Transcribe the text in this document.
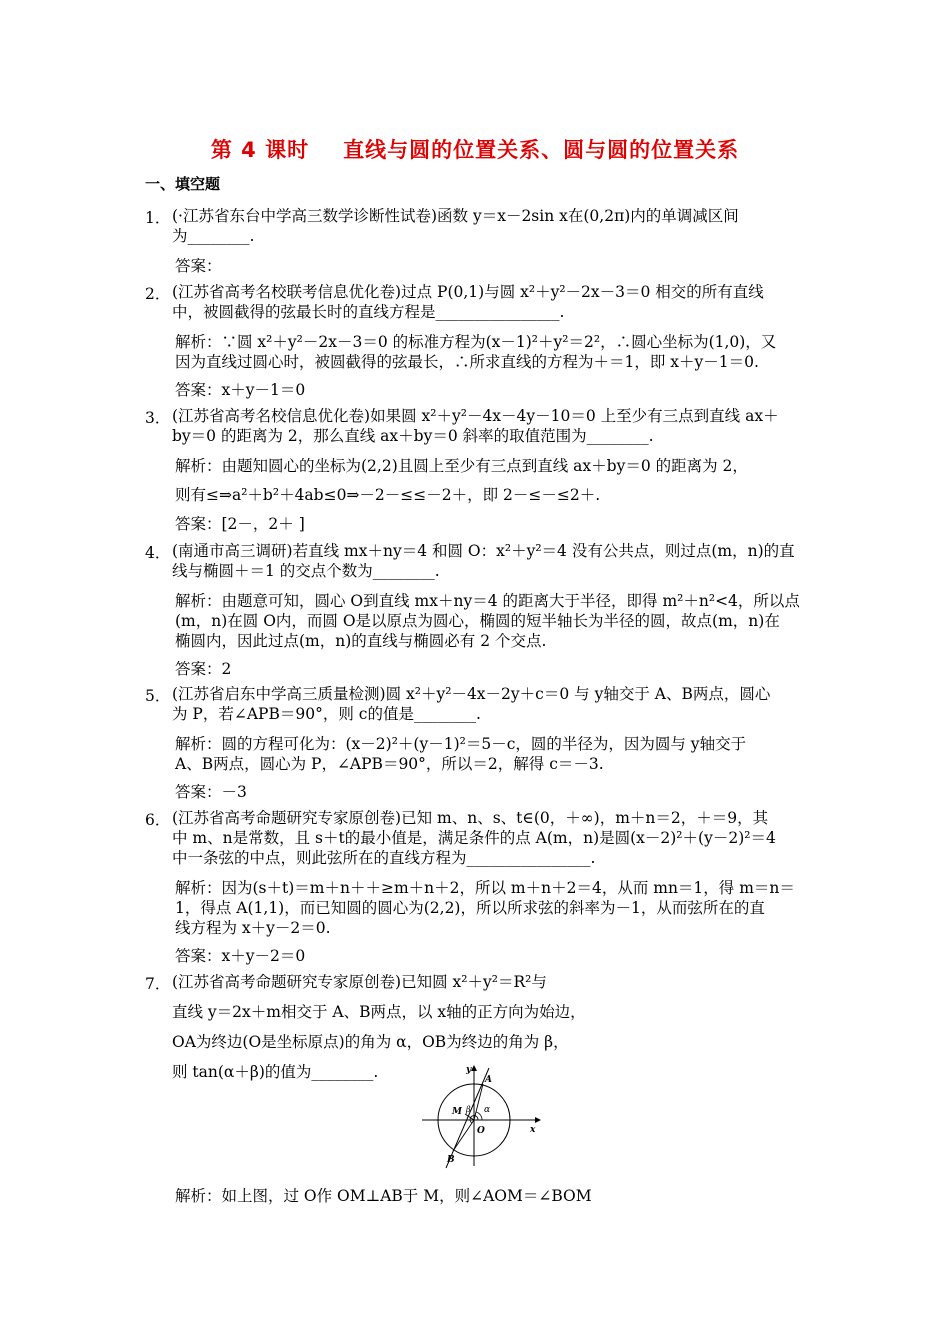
第 4 课时 直线与圆的位置关系、圆与圆的位置关系
一、填空题
1． (·江苏省东台中学高三数学诊断性试卷)函数 y＝x－2sin x在(0,2π)内的单调减区间
为________.
答案：
2． (江苏省高考名校联考信息优化卷)过点 P(0,1)与圆 x²＋y²－2x－3＝0 相交的所有直线
中，被圆截得的弦最长时的直线方程是________________.
解析：∵圆 x²＋y²－2x－3＝0 的标准方程为(x－1)²＋y²＝2²，∴圆心坐标为(1,0)，又
因为直线过圆心时，被圆截得的弦最长，∴所求直线的方程为＋＝1，即 x＋y－1＝0.
答案：x＋y－1＝0
3． (江苏省高考名校信息优化卷)如果圆 x²＋y²－4x－4y－10＝0 上至少有三点到直线 ax＋
by＝0 的距离为 2，那么直线 ax＋by＝0 斜率的取值范围为________.
解析：由题知圆心的坐标为(2,2)且圆上至少有三点到直线 ax＋by＝0 的距离为 2，
则有≤⇒a²＋b²＋4ab≤0⇒－2－≤≤－2＋，即 2－≤－≤2＋.
答案：[2－，2＋ ]
4． (南通市高三调研)若直线 mx＋ny＝4 和圆 O：x²＋y²＝4 没有公共点，则过点(m，n)的直
线与椭圆＋＝1 的交点个数为________.
解析：由题意可知，圆心 O到直线 mx＋ny＝4 的距离大于半径，即得 m²＋n²<4，所以点
(m，n)在圆 O内，而圆 O是以原点为圆心，椭圆的短半轴长为半径的圆，故点(m，n)在
椭圆内，因此过点(m，n)的直线与椭圆必有 2 个交点.
答案：2
5． (江苏省启东中学高三质量检测)圆 x²＋y²－4x－2y＋c＝0 与 y轴交于 A、B两点，圆心
为 P，若∠APB＝90°，则 c的值是________.
解析：圆的方程可化为：(x－2)²＋(y－1)²＝5－c，圆的半径为，因为圆与 y轴交于
A、B两点，圆心为 P，∠APB＝90°，所以＝2，解得 c＝－3.
答案：－3
6． (江苏省高考命题研究专家原创卷)已知 m、n、s、t∈(0，＋∞)，m＋n＝2，＋＝9，其
中 m、n是常数，且 s＋t的最小值是，满足条件的点 A(m，n)是圆(x－2)²＋(y－2)²＝4
中一条弦的中点，则此弦所在的直线方程为________________.
解析：因为(s＋t)＝m＋n＋＋≥m＋n＋2，所以 m＋n＋2＝4，从而 mn＝1，得 m＝n＝
1，得点 A(1,1)，而已知圆的圆心为(2,2)，所以所求弦的斜率为－1，从而弦所在的直
线方程为 x＋y－2＝0.
答案：x＋y－2＝0
7． (江苏省高考命题研究专家原创卷)已知圆 x²＋y²＝R²与
直线 y＝2x＋m相交于 A、B两点，以 x轴的正方向为始边，
OA为终边(O是坐标原点)的角为 α，OB为终边的角为 β，
则 tan(α＋β)的值为________.	y
x
A
B
M
O
β α
解析：如上图，过 O作 OM⊥AB于 M，则∠AOM＝∠BOM
